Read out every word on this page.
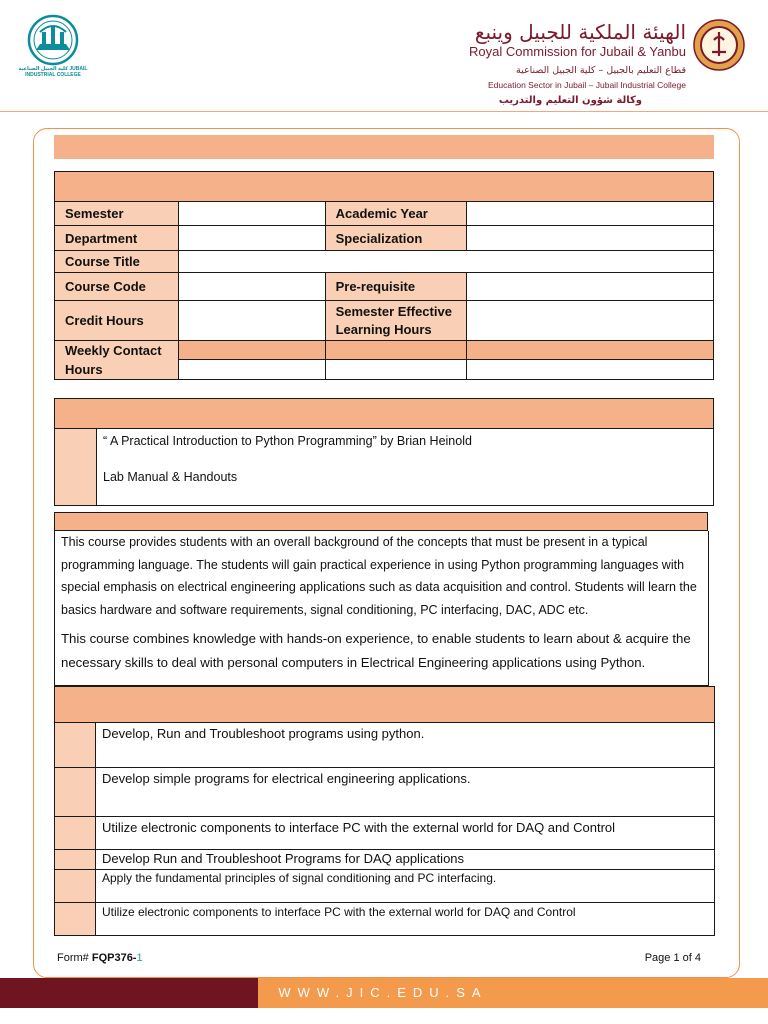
كلية الجبيل الصناعية JUBAIL INDUSTRIAL COLLEGE
الهيئة الملكية للجبيل وينبع
Royal Commission for Jubail & Yanbu
قطاع التعليم بالجبيل – كلية الجبيل الصناعية
Education Sector in Jubail – Jubail Industrial College
وكالة شؤون التعليم والتدريب

Semester		Academic Year	
Department		Specialization	
Course Title			
Course Code		Pre-requisite	
Credit Hours		Semester Effective Learning Hours	
Weekly Contact Hours			

“ A Practical Introduction to Python Programming” by Brian Heinold
Lab Manual & Handouts

This course provides students with an overall background of the concepts that must be present in a typical programming language. The students will gain practical experience in using Python programming languages with special emphasis on electrical engineering applications such as data acquisition and control. Students will learn the basics hardware and software requirements, signal conditioning, PC interfacing, DAC, ADC etc.

This course combines knowledge with hands-on experience, to enable students to learn about & acquire the necessary skills to deal with personal computers in Electrical Engineering applications using Python.

	Develop, Run and Troubleshoot programs using python.
	Develop simple programs for electrical engineering applications.
	Utilize electronic components to interface PC with the external world for DAQ and Control
	Develop Run and Troubleshoot Programs for DAQ applications
	Apply the fundamental principles of signal conditioning and PC interfacing.
	Utilize electronic components to interface PC with the external world for DAQ and Control
Form# FQP376-1	Page 1 of 4
WWW.JIC.EDU.SA
